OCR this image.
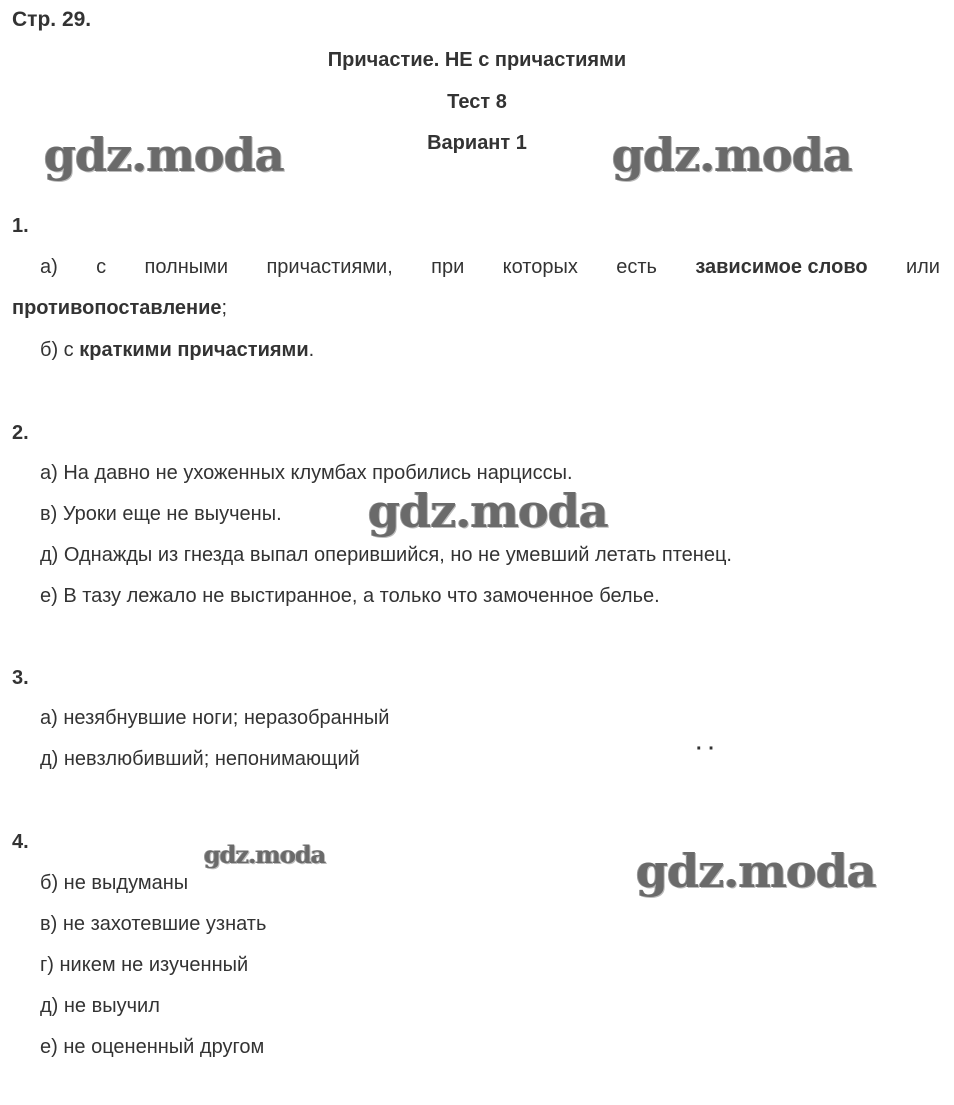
Стр. 29.
Причастие. НЕ с причастиями
Тест 8
Вариант 1
gdz.moda	gdz.moda
1.
а) с полными причастиями, при которых есть зависимое слово или
противопоставление;
б) с краткими причастиями.
2.
а) На давно не ухоженных клумбах пробились нарциссы.
в) Уроки еще не выучены. gdz.moda
д) Однажды из гнезда выпал оперившийся, но не умевший летать птенец.
е) В тазу лежало не выстиранное, а только что замоченное белье.
3.
а) незябнувшие ноги; неразобранный
д) невзлюбивший; непонимающий	· ·
4.	gdz.moda	gdz.moda
б) не выдуманы
в) не захотевшие узнать
г) никем не изученный
д) не выучил
е) не оцененный другом
